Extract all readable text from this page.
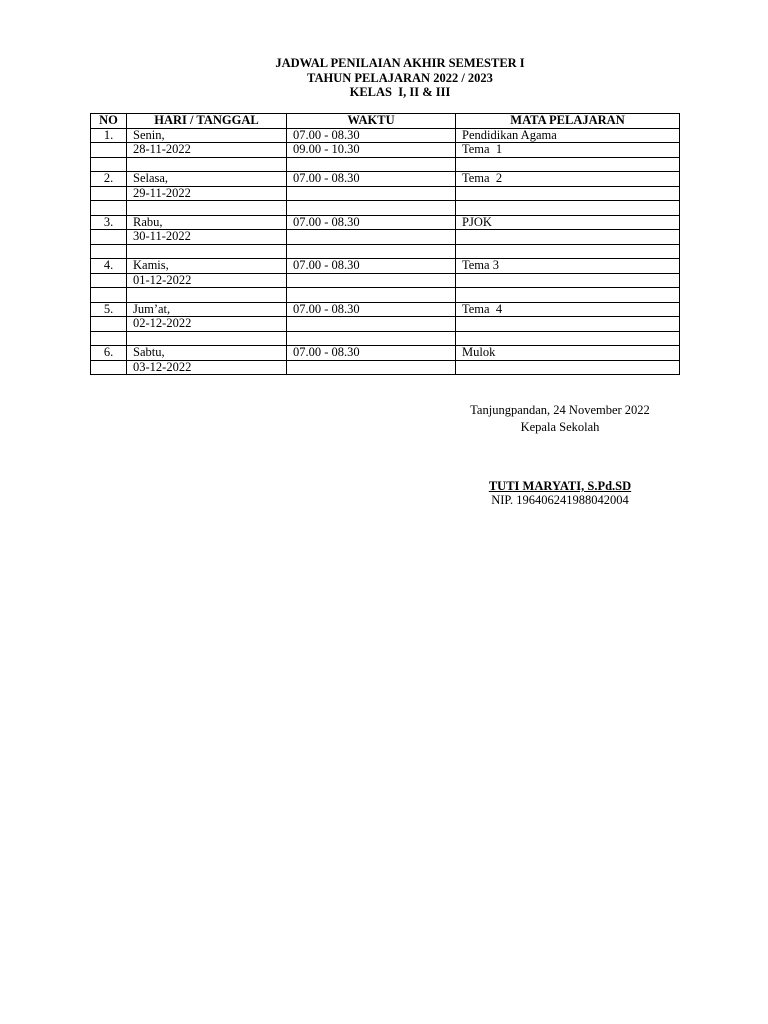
JADWAL PENILAIAN AKHIR SEMESTER I
TAHUN PELAJARAN 2022 / 2023
KELAS  I, II & III
NO	HARI / TANGGAL	WAKTU	MATA PELAJARAN
1.	Senin,	07.00 - 08.30	Pendidikan Agama
	28-11-2022	09.00 - 10.30	Tema  1

2.	Selasa,	07.00 - 08.30	Tema  2
	29-11-2022		

3.	Rabu,	07.00 - 08.30	PJOK
	30-11-2022		

4.	Kamis,	07.00 - 08.30	Tema 3
	01-12-2022		

5.	Jum’at,	07.00 - 08.30	Tema  4
	02-12-2022		

6.	Sabtu,	07.00 - 08.30	Mulok
	03-12-2022		
Tanjungpandan, 24 November 2022
Kepala Sekolah
TUTI MARYATI, S.Pd.SD
NIP. 196406241988042004
